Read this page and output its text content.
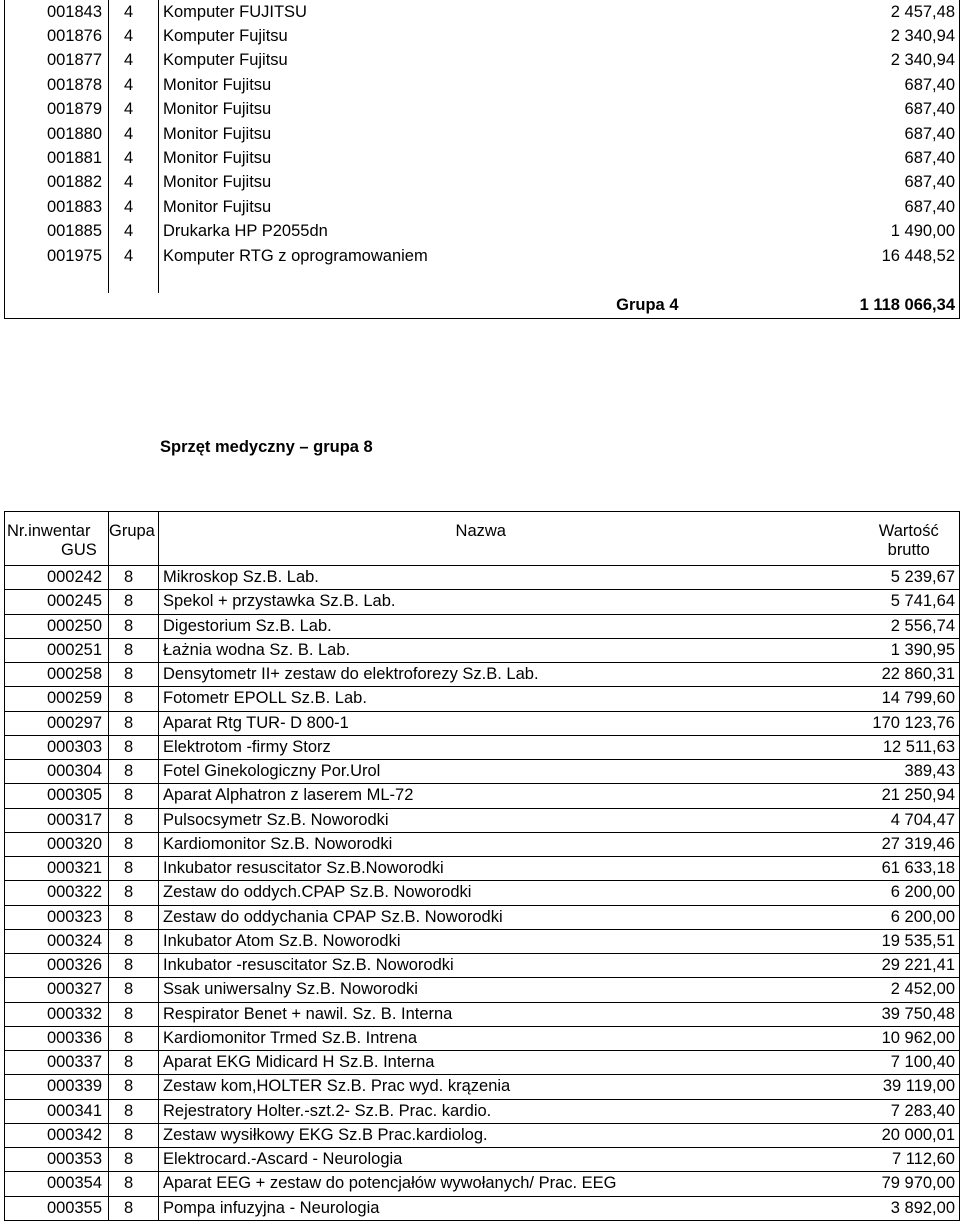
001843	4	Komputer FUJITSU	2 457,48
001876	4	Komputer Fujitsu	2 340,94
001877	4	Komputer Fujitsu	2 340,94
001878	4	Monitor Fujitsu	687,40
001879	4	Monitor Fujitsu	687,40
001880	4	Monitor Fujitsu	687,40
001881	4	Monitor Fujitsu	687,40
001882	4	Monitor Fujitsu	687,40
001883	4	Monitor Fujitsu	687,40
001885	4	Drukarka HP P2055dn	1 490,00
001975	4	Komputer RTG z oprogramowaniem	16 448,52

		Grupa 4	1 118 066,34
Sprzęt medyczny – grupa 8
Nr.inwentar	Grupa	Nazwa	Wartość
	GUS		brutto
000242	8	Mikroskop Sz.B. Lab.	5 239,67
000245	8	Spekol + przystawka Sz.B. Lab.	5 741,64
000250	8	Digestorium Sz.B. Lab.	2 556,74
000251	8	Łażnia wodna Sz. B. Lab.	1 390,95
000258	8	Densytometr II+ zestaw do elektroforezy Sz.B. Lab.	22 860,31
000259	8	Fotometr EPOLL Sz.B. Lab.	14 799,60
000297	8	Aparat Rtg TUR- D 800-1	170 123,76
000303	8	Elektrotom -firmy Storz	12 511,63
000304	8	Fotel Ginekologiczny Por.Urol	389,43
000305	8	Aparat Alphatron z laserem ML-72	21 250,94
000317	8	Pulsocsymetr Sz.B. Noworodki	4 704,47
000320	8	Kardiomonitor Sz.B. Noworodki	27 319,46
000321	8	Inkubator resuscitator Sz.B.Noworodki	61 633,18
000322	8	Zestaw do oddych.CPAP Sz.B. Noworodki	6 200,00
000323	8	Zestaw do oddychania CPAP Sz.B. Noworodki	6 200,00
000324	8	Inkubator Atom Sz.B. Noworodki	19 535,51
000326	8	Inkubator -resuscitator Sz.B. Noworodki	29 221,41
000327	8	Ssak uniwersalny Sz.B. Noworodki	2 452,00
000332	8	Respirator Benet + nawil. Sz. B. Interna	39 750,48
000336	8	Kardiomonitor Trmed Sz.B. Intrena	10 962,00
000337	8	Aparat EKG Midicard H Sz.B. Interna	7 100,40
000339	8	Zestaw kom,HOLTER Sz.B. Prac wyd. krązenia	39 119,00
000341	8	Rejestratory Holter.-szt.2- Sz.B. Prac. kardio.	7 283,40
000342	8	Zestaw wysiłkowy EKG Sz.B Prac.kardiolog.	20 000,01
000353	8	Elektrocard.-Ascard - Neurologia	7 112,60
000354	8	Aparat EEG + zestaw do potencjałów wywołanych/ Prac. EEG	79 970,00
000355	8	Pompa infuzyjna - Neurologia	3 892,00
